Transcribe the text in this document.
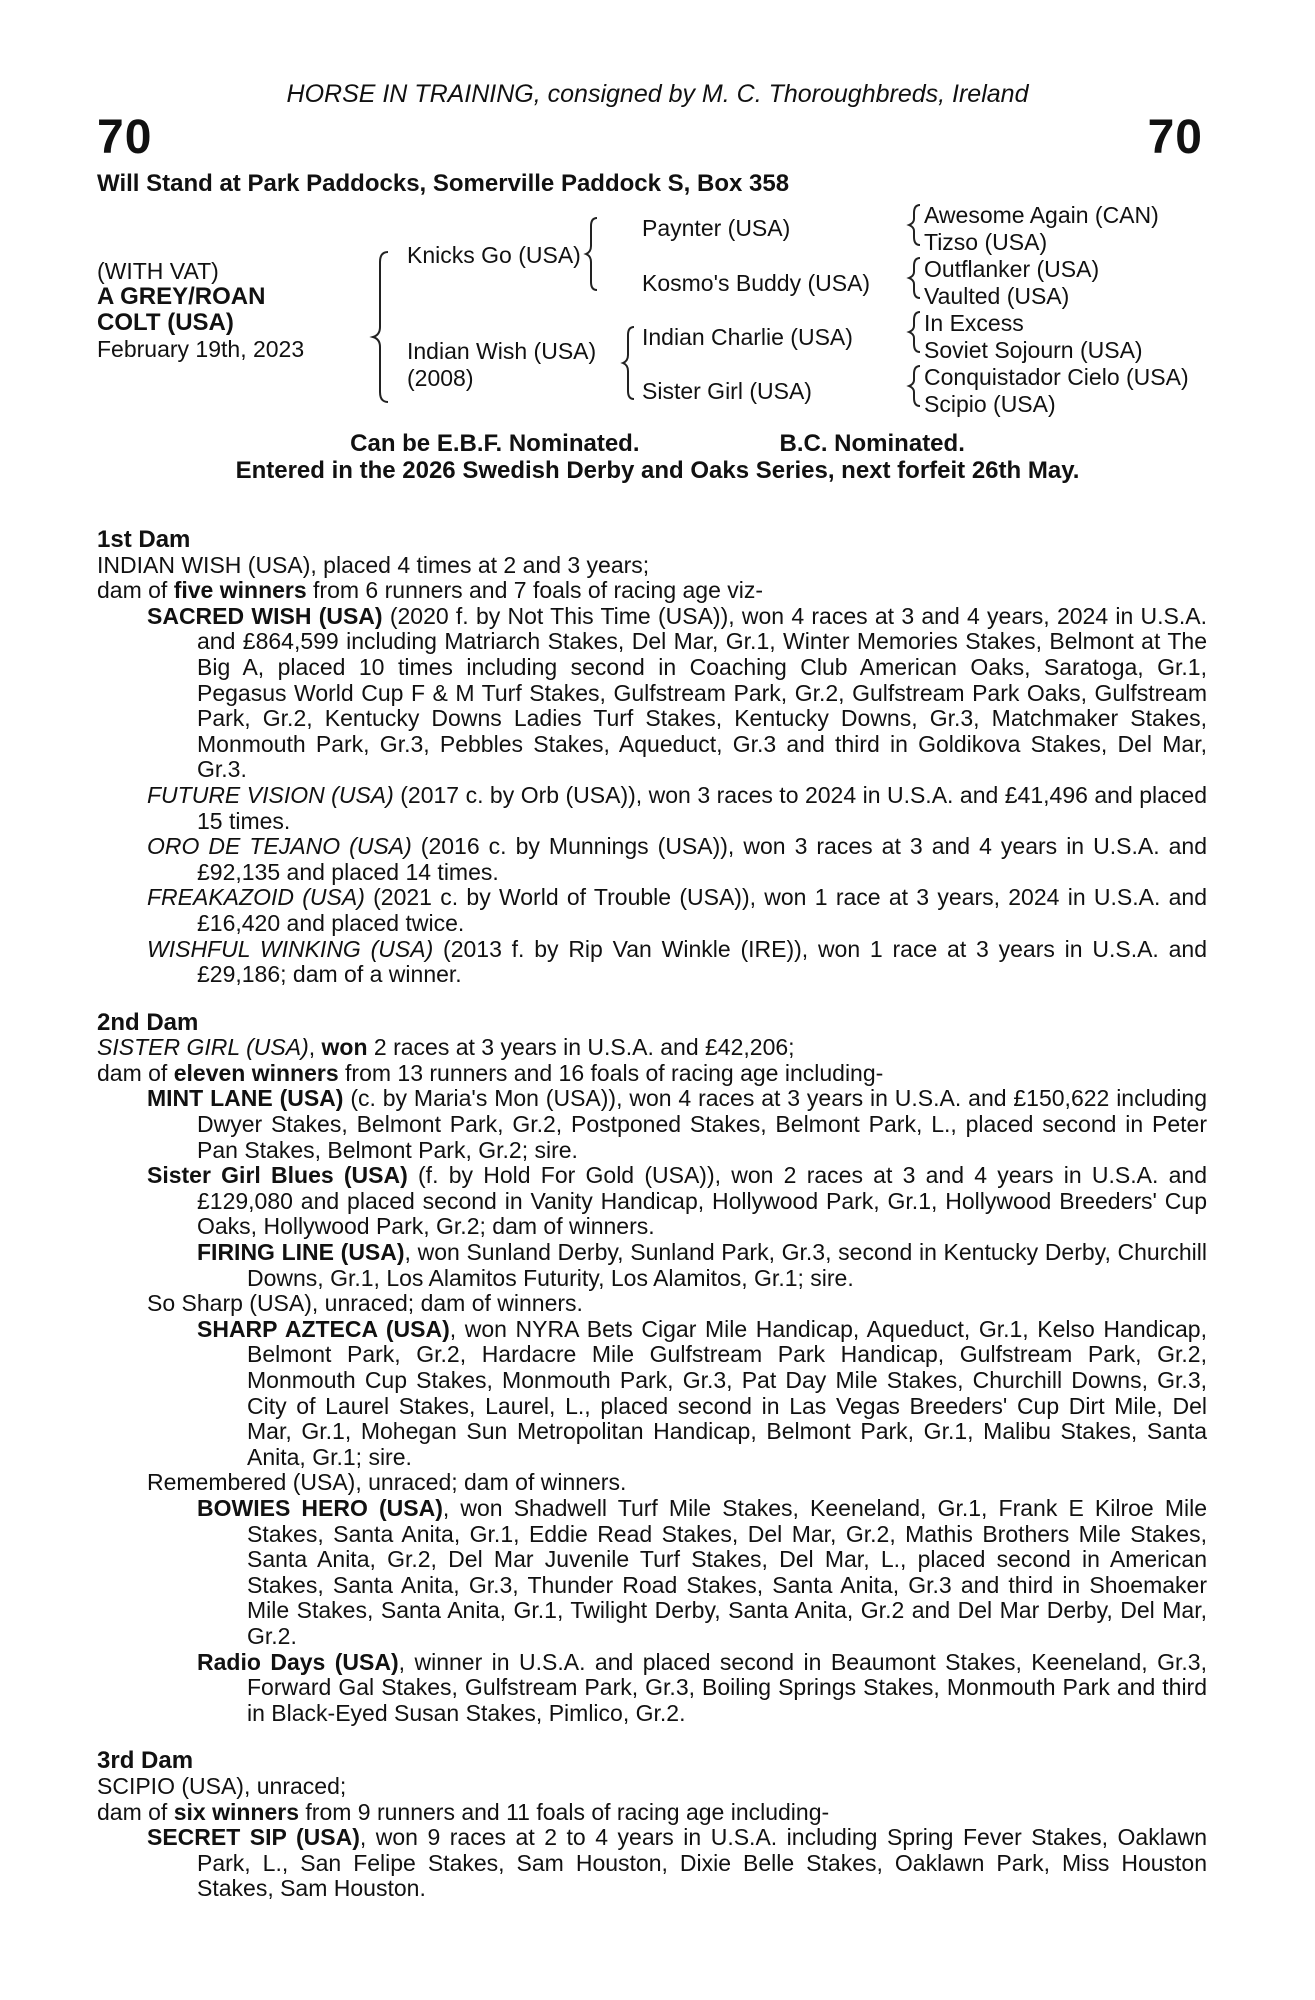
HORSE IN TRAINING, consigned by M. C. Thoroughbreds, Ireland
70	70
Will Stand at Park Paddocks, Somerville Paddock S, Box 358
(WITH VAT)
A GREY/ROAN
COLT (USA)
February 19th, 2023
Knicks Go (USA)
Indian Wish (USA)
(2008)
Paynter (USA)
Kosmo's Buddy (USA)
Indian Charlie (USA)
Sister Girl (USA)
Awesome Again (CAN)
Tizso (USA)
Outflanker (USA)
Vaulted (USA)
In Excess
Soviet Sojourn (USA)
Conquistador Cielo (USA)
Scipio (USA)
Can be E.B.F. Nominated.	B.C. Nominated.
Entered in the 2026 Swedish Derby and Oaks Series, next forfeit 26th May.
1st Dam
INDIAN WISH (USA), placed 4 times at 2 and 3 years;
dam of five winners from 6 runners and 7 foals of racing age viz-
SACRED WISH (USA) (2020 f. by Not This Time (USA)), won 4 races at 3 and 4 years, 2024 in U.S.A. and £864,599 including Matriarch Stakes, Del Mar, Gr.1, Winter Memories Stakes, Belmont at The Big A, placed 10 times including second in Coaching Club American Oaks, Saratoga, Gr.1, Pegasus World Cup F & M Turf Stakes, Gulfstream Park, Gr.2, Gulfstream Park Oaks, Gulfstream Park, Gr.2, Kentucky Downs Ladies Turf Stakes, Kentucky Downs, Gr.3, Matchmaker Stakes, Monmouth Park, Gr.3, Pebbles Stakes, Aqueduct, Gr.3 and third in Goldikova Stakes, Del Mar, Gr.3.
FUTURE VISION (USA) (2017 c. by Orb (USA)), won 3 races to 2024 in U.S.A. and £41,496 and placed 15 times.
ORO DE TEJANO (USA) (2016 c. by Munnings (USA)), won 3 races at 3 and 4 years in U.S.A. and £92,135 and placed 14 times.
FREAKAZOID (USA) (2021 c. by World of Trouble (USA)), won 1 race at 3 years, 2024 in U.S.A. and £16,420 and placed twice.
WISHFUL WINKING (USA) (2013 f. by Rip Van Winkle (IRE)), won 1 race at 3 years in U.S.A. and £29,186; dam of a winner.
2nd Dam
SISTER GIRL (USA), won 2 races at 3 years in U.S.A. and £42,206;
dam of eleven winners from 13 runners and 16 foals of racing age including-
MINT LANE (USA) (c. by Maria's Mon (USA)), won 4 races at 3 years in U.S.A. and £150,622 including Dwyer Stakes, Belmont Park, Gr.2, Postponed Stakes, Belmont Park, L., placed second in Peter Pan Stakes, Belmont Park, Gr.2; sire.
Sister Girl Blues (USA) (f. by Hold For Gold (USA)), won 2 races at 3 and 4 years in U.S.A. and £129,080 and placed second in Vanity Handicap, Hollywood Park, Gr.1, Hollywood Breeders' Cup Oaks, Hollywood Park, Gr.2; dam of winners.
FIRING LINE (USA), won Sunland Derby, Sunland Park, Gr.3, second in Kentucky Derby, Churchill Downs, Gr.1, Los Alamitos Futurity, Los Alamitos, Gr.1; sire.
So Sharp (USA), unraced; dam of winners.
SHARP AZTECA (USA), won NYRA Bets Cigar Mile Handicap, Aqueduct, Gr.1, Kelso Handicap, Belmont Park, Gr.2, Hardacre Mile Gulfstream Park Handicap, Gulfstream Park, Gr.2, Monmouth Cup Stakes, Monmouth Park, Gr.3, Pat Day Mile Stakes, Churchill Downs, Gr.3, City of Laurel Stakes, Laurel, L., placed second in Las Vegas Breeders' Cup Dirt Mile, Del Mar, Gr.1, Mohegan Sun Metropolitan Handicap, Belmont Park, Gr.1, Malibu Stakes, Santa Anita, Gr.1; sire.
Remembered (USA), unraced; dam of winners.
BOWIES HERO (USA), won Shadwell Turf Mile Stakes, Keeneland, Gr.1, Frank E Kilroe Mile Stakes, Santa Anita, Gr.1, Eddie Read Stakes, Del Mar, Gr.2, Mathis Brothers Mile Stakes, Santa Anita, Gr.2, Del Mar Juvenile Turf Stakes, Del Mar, L., placed second in American Stakes, Santa Anita, Gr.3, Thunder Road Stakes, Santa Anita, Gr.3 and third in Shoemaker Mile Stakes, Santa Anita, Gr.1, Twilight Derby, Santa Anita, Gr.2 and Del Mar Derby, Del Mar, Gr.2.
Radio Days (USA), winner in U.S.A. and placed second in Beaumont Stakes, Keeneland, Gr.3, Forward Gal Stakes, Gulfstream Park, Gr.3, Boiling Springs Stakes, Monmouth Park and third in Black-Eyed Susan Stakes, Pimlico, Gr.2.
3rd Dam
SCIPIO (USA), unraced;
dam of six winners from 9 runners and 11 foals of racing age including-
SECRET SIP (USA), won 9 races at 2 to 4 years in U.S.A. including Spring Fever Stakes, Oaklawn Park, L., San Felipe Stakes, Sam Houston, Dixie Belle Stakes, Oaklawn Park, Miss Houston Stakes, Sam Houston.
